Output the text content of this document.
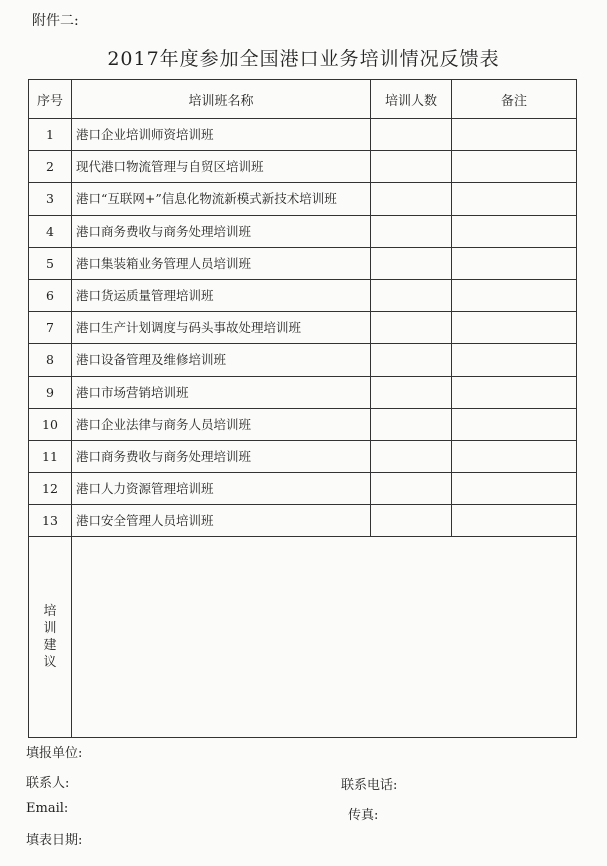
附件二:
2017年度参加全国港口业务培训情况反馈表
序号	培训班名称	培训人数	备注
1	港口企业培训师资培训班		
2	现代港口物流管理与自贸区培训班		
3	港口“互联网+”信息化物流新模式新技术培训班		
4	港口商务费收与商务处理培训班		
5	港口集装箱业务管理人员培训班		
6	港口货运质量管理培训班		
7	港口生产计划调度与码头事故处理培训班		
8	港口设备管理及维修培训班		
9	港口市场营销培训班		
10	港口企业法律与商务人员培训班		
11	港口商务费收与商务处理培训班		
12	港口人力资源管理培训班		
13	港口安全管理人员培训班		

培训建议			

填报单位:
联系人:	联系电话:
Email:	传真:
填表日期:
